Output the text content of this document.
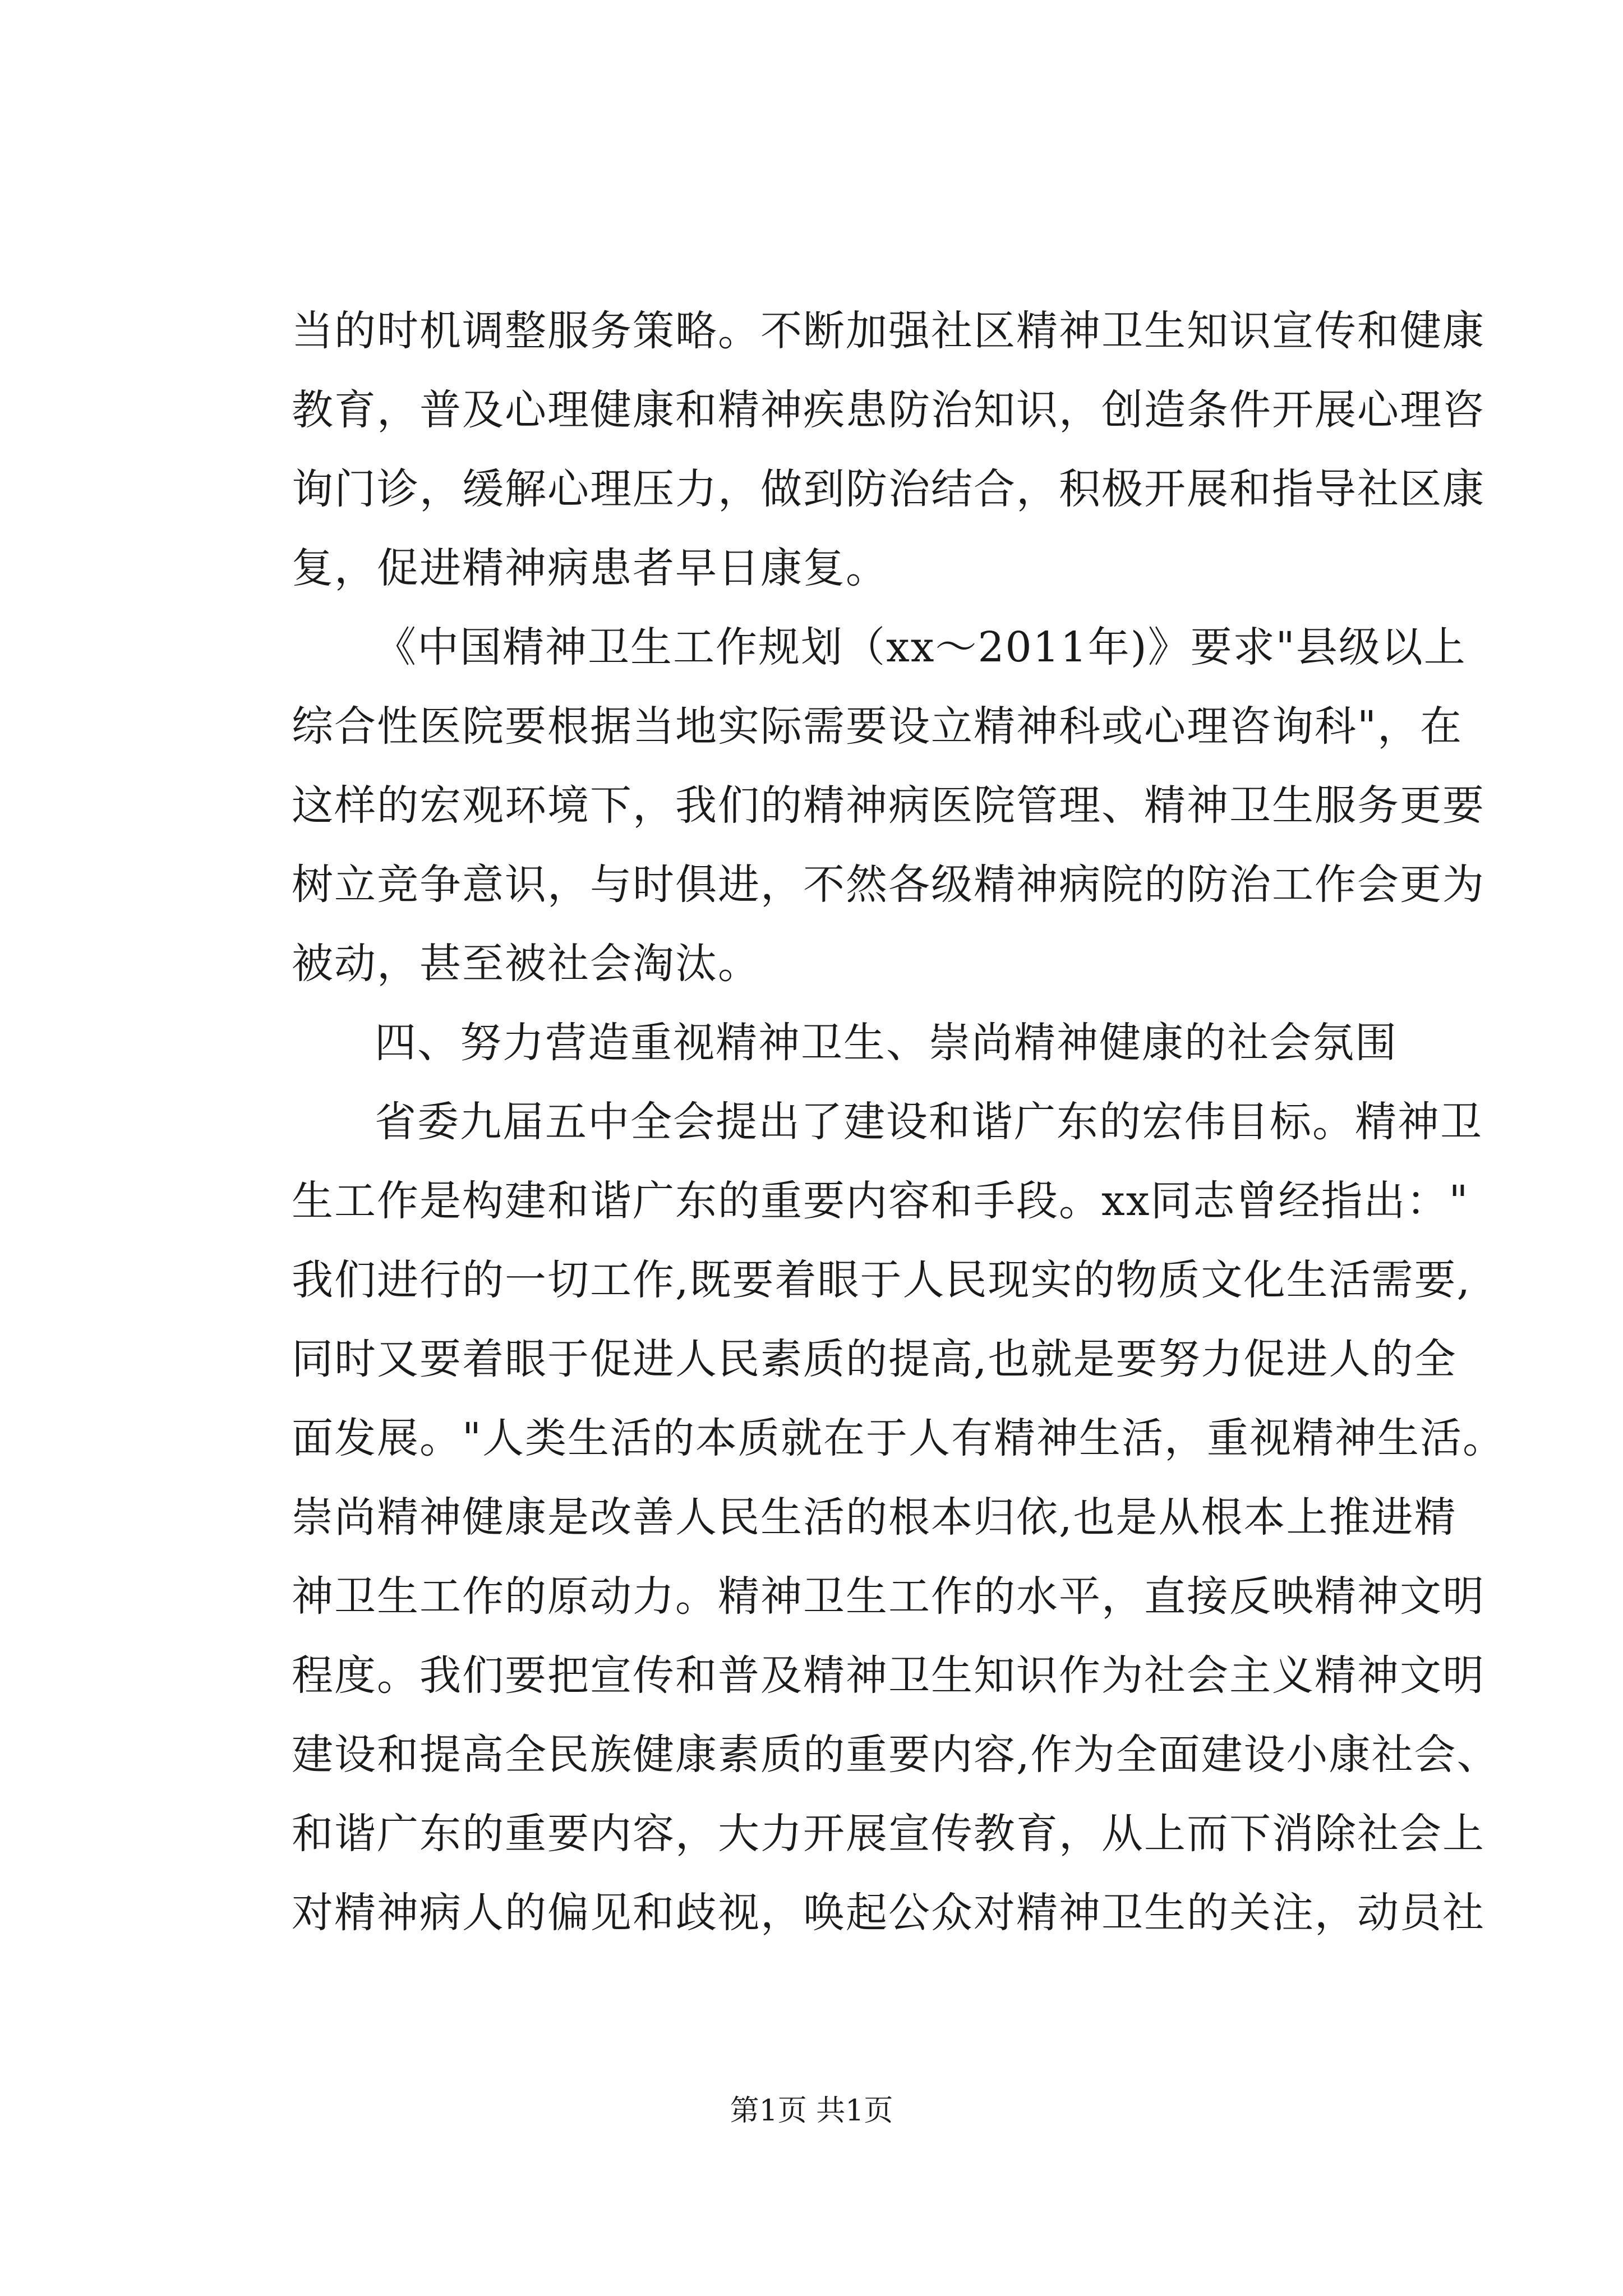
当的时机调整服务策略。不断加强社区精神卫生知识宣传和健康
教育，普及心理健康和精神疾患防治知识，创造条件开展心理咨
询门诊，缓解心理压力，做到防治结合，积极开展和指导社区康
复，促进精神病患者早日康复。
《中国精神卫生工作规划（xx～2011年)》要求"县级以上
综合性医院要根据当地实际需要设立精神科或心理咨询科"，在
这样的宏观环境下，我们的精神病医院管理、精神卫生服务更要
树立竞争意识，与时俱进，不然各级精神病院的防治工作会更为
被动，甚至被社会淘汰。
四、努力营造重视精神卫生、崇尚精神健康的社会氛围
省委九届五中全会提出了建设和谐广东的宏伟目标。精神卫
生工作是构建和谐广东的重要内容和手段。xx同志曾经指出："
我们进行的一切工作,既要着眼于人民现实的物质文化生活需要,
同时又要着眼于促进人民素质的提高,也就是要努力促进人的全
面发展。"人类生活的本质就在于人有精神生活，重视精神生活。
崇尚精神健康是改善人民生活的根本归依,也是从根本上推进精
神卫生工作的原动力。精神卫生工作的水平，直接反映精神文明
程度。我们要把宣传和普及精神卫生知识作为社会主义精神文明
建设和提高全民族健康素质的重要内容,作为全面建设小康社会、
和谐广东的重要内容，大力开展宣传教育，从上而下消除社会上
对精神病人的偏见和歧视，唤起公众对精神卫生的关注，动员社
第1页 共1页
